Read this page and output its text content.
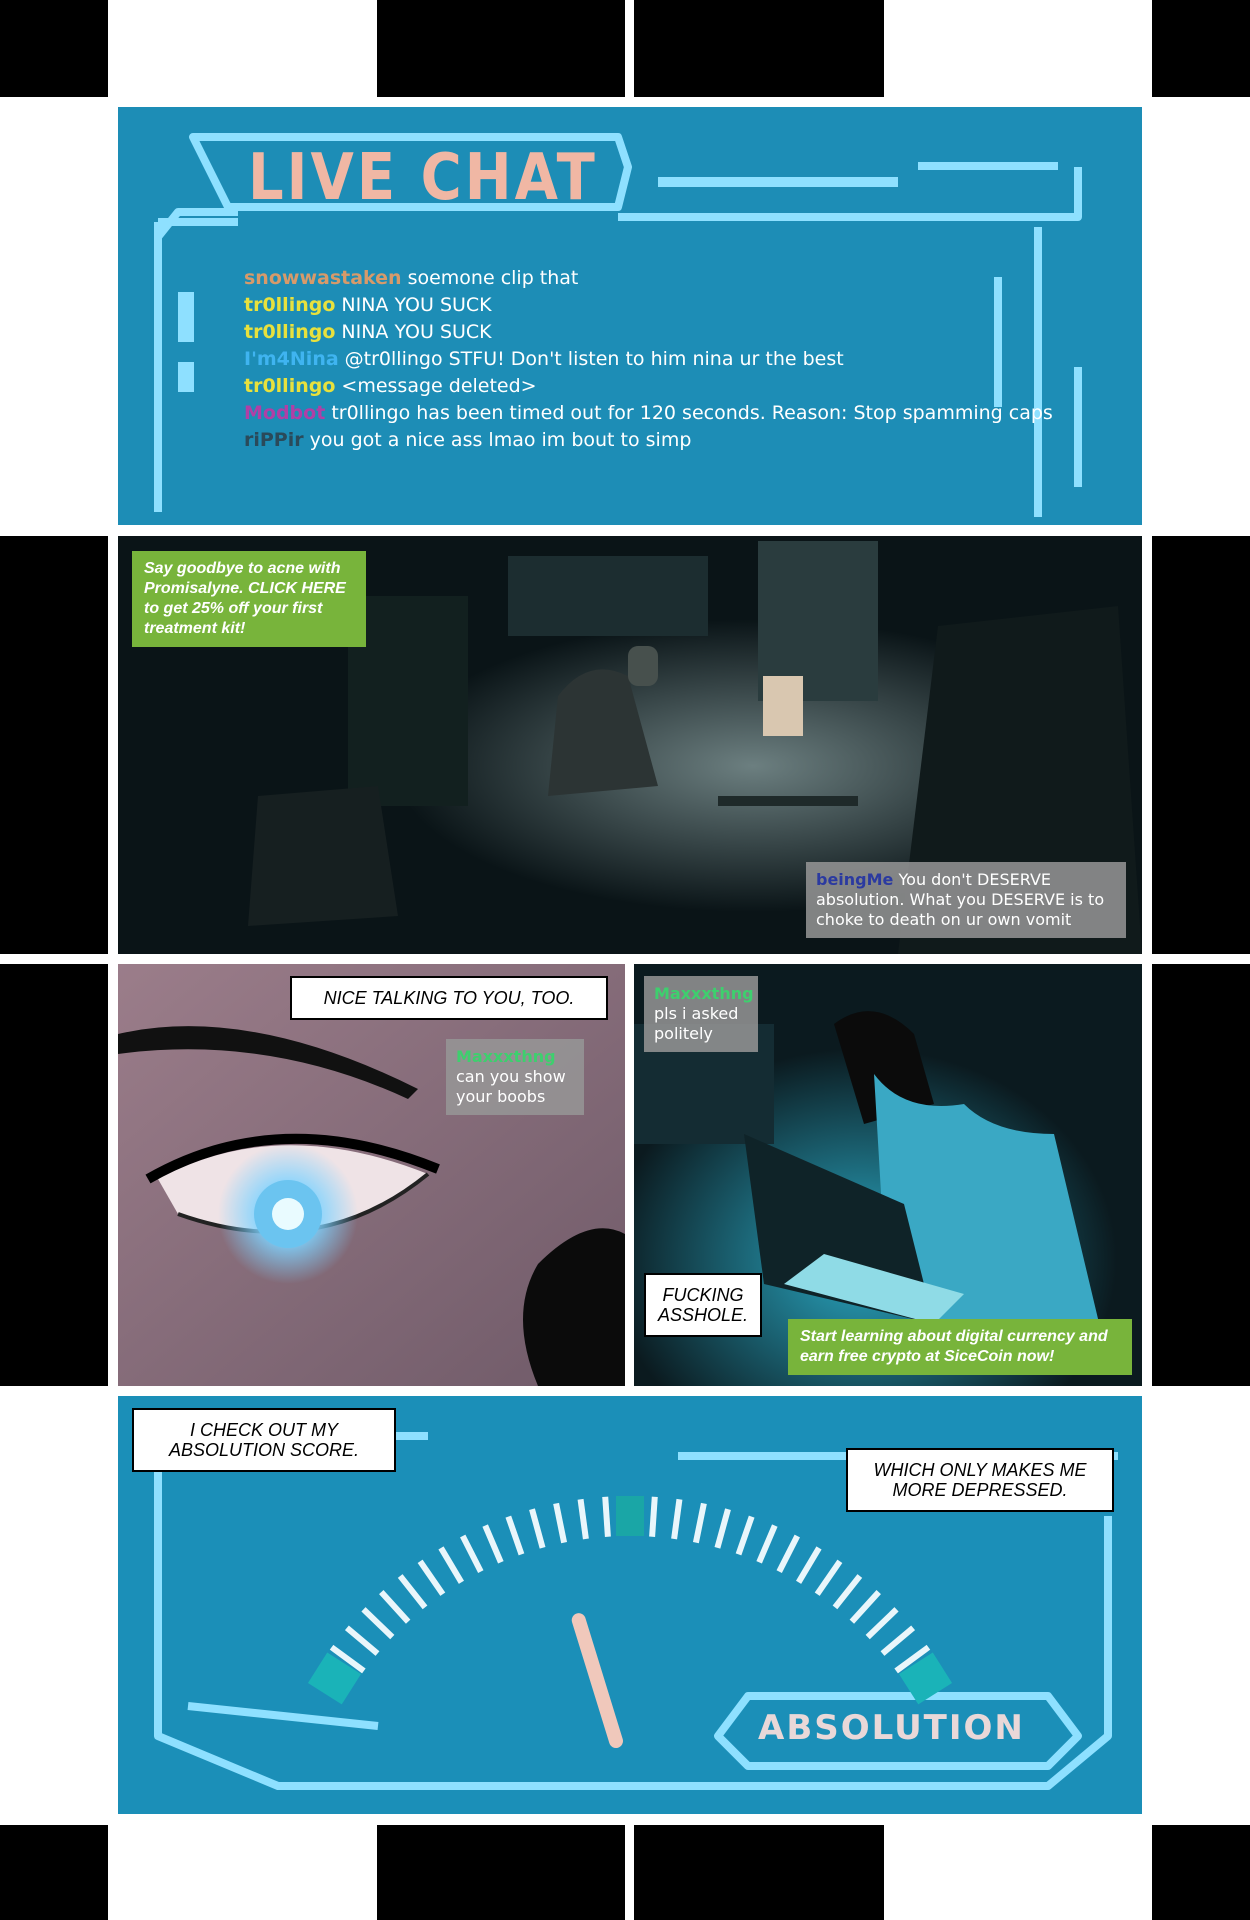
LIVE CHAT
snowwastaken soemone clip that
tr0llingo NINA YOU SUCK
tr0llingo NINA YOU SUCK
I'm4Nina @tr0llingo STFU! Don't listen to him nina ur the best
tr0llingo <message deleted>
Modbot tr0llingo has been timed out for 120 seconds. Reason: Stop spamming caps
riPPir you got a nice ass lmao im bout to simp
Say goodbye to acne with Promisalyne. CLICK HERE to get 25% off your first treatment kit!
beingMe You don't DESERVE absolution. What you DESERVE is to choke to death on ur own vomit
NICE TALKING TO YOU, TOO.
Maxxxthng
can you show your boobs
Maxxxthng
pls i asked politely
FUCKING ASSHOLE.
Start learning about digital currency and earn free crypto at SiceCoin now!
I CHECK OUT MY ABSOLUTION SCORE.
WHICH ONLY MAKES ME MORE DEPRESSED.
ABSOLUTION
